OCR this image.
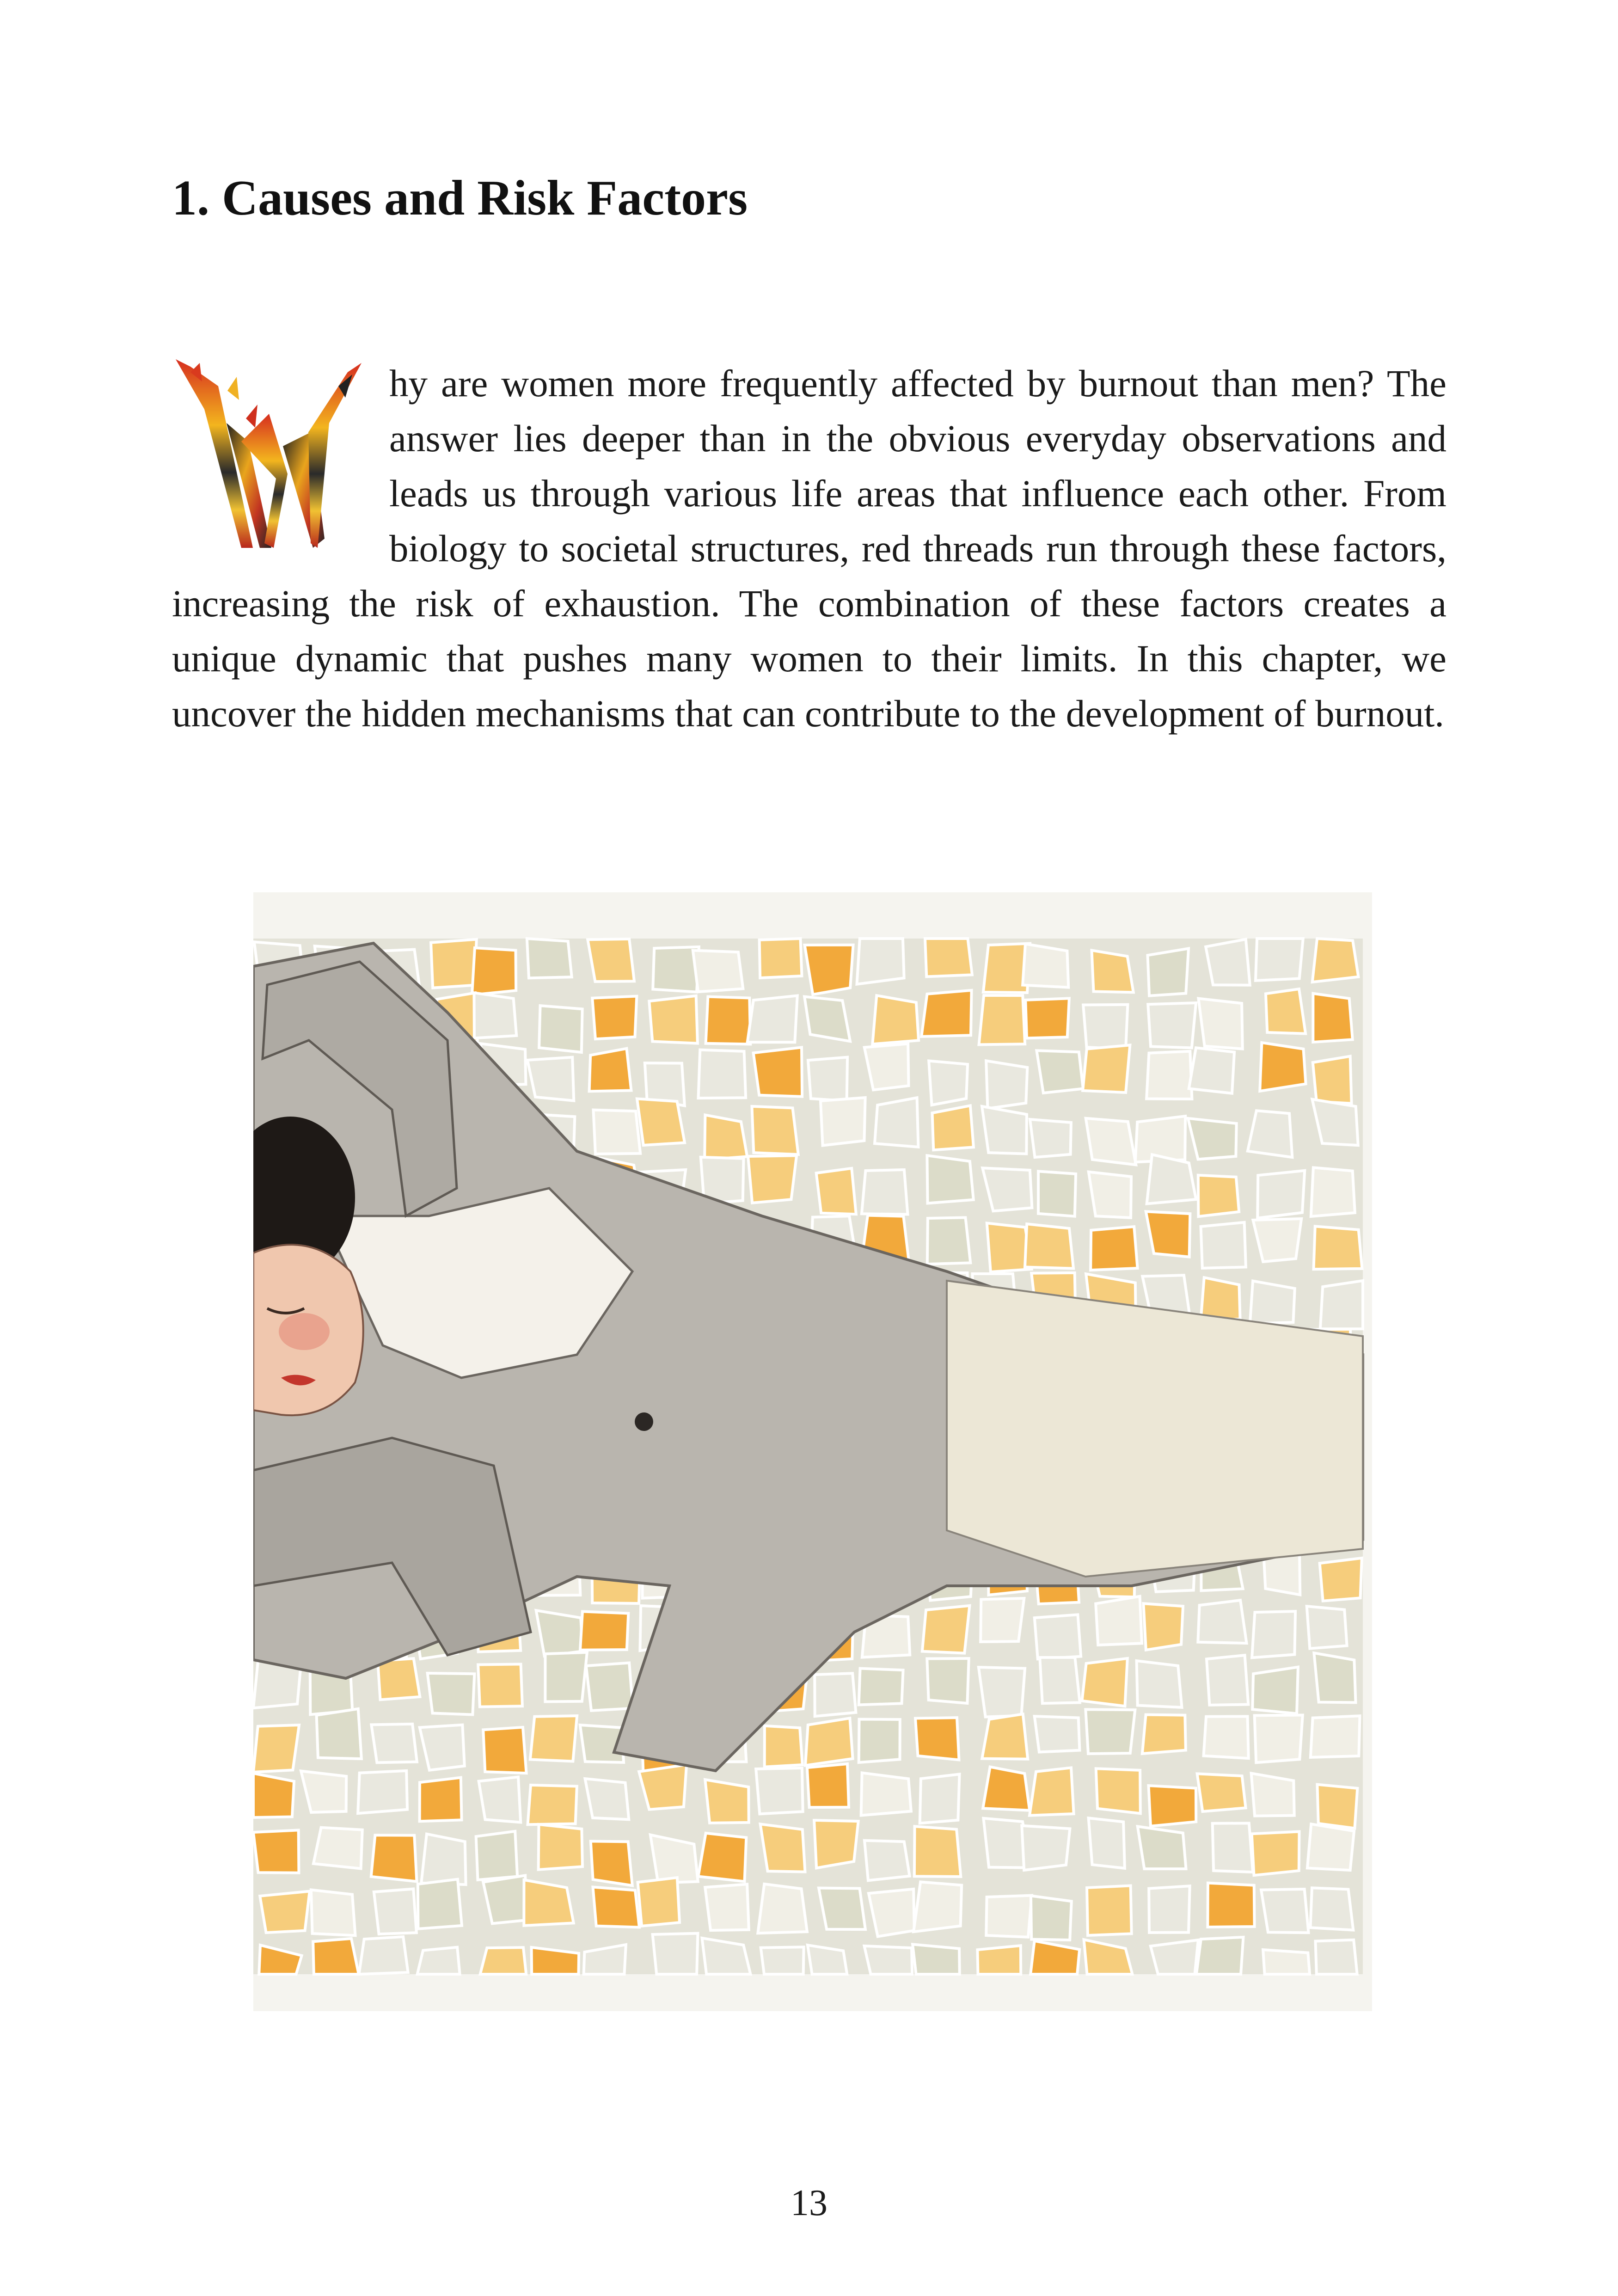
1. Causes and Risk Factors

hy are women more frequently affected by burnout than men? The answer lies deeper than in the obvious everyday observations and leads us through various life areas that influence each other. From biology to societal structures, red threads run through these factors, increasing the risk of exhaustion. The combination of these factors creates a unique dynamic that pushes many women to their limits. In this chapter, we uncover the hidden mechanisms that can contribute to the development of burnout.

13
